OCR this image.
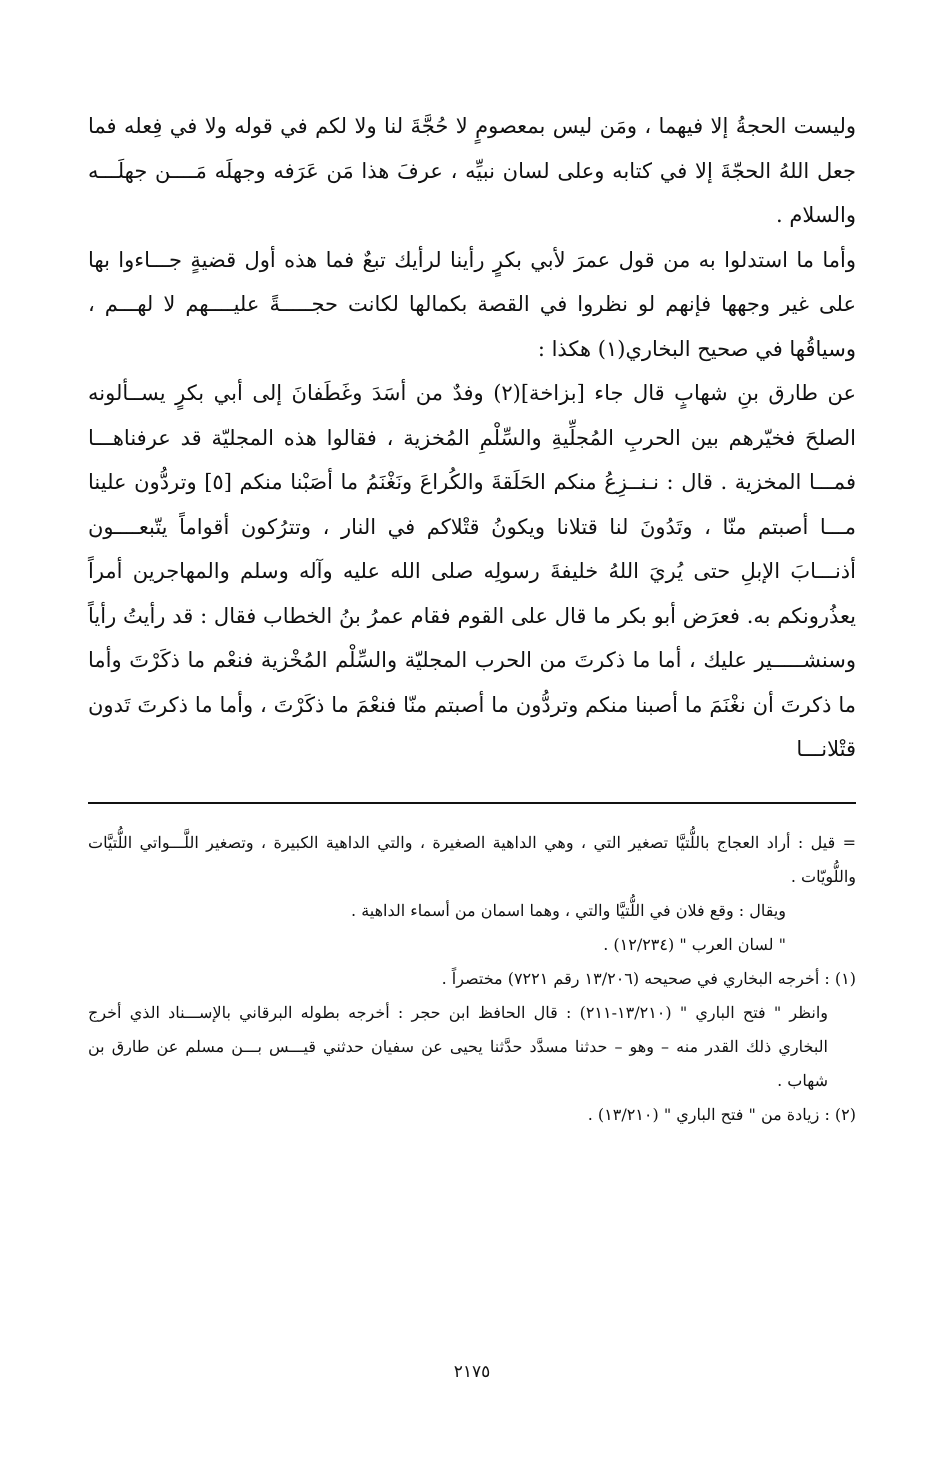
وليست الحجةُ إلا فيهما ، ومَن ليس بمعصومٍ لا حُجَّةَ لنا ولا لكم في قوله ولا في فِعله فما جعل اللهُ الحجّةَ إلا في كتابه وعلى لسان نبيِّه ، عرفَ هذا مَن عَرَفه وجهلَه مَــــن جهلَـــه والسلام .

وأما ما استدلوا به من قول عمرَ لأبي بكرٍ رأينا لرأيك تبعٌ فما هذه أول قضيةٍ جـــاءوا بها على غير وجهها فإنهم لو نظروا في القصة بكمالها لكانت حجـــــةً عليــــهم لا لهـــم ، وسياقُها في صحيح البخاري(١) هكذا :

عن طارق بنِ شهابٍ قال جاء [بزاخة](٢) وفدٌ من أسَدَ وغَطَفانَ إلى أبي بكرٍ يســألونه الصلحَ فخيّرهم بين الحربِ المُجلِّيةِ والسِّلْمِ المُخزية ، فقالوا هذه المجليّة قد عرفناهـــا فمـــا المخزية . قال : نـنــزِعُ منكم الحَلَقةَ والكُراعَ ونَغْنَمُ ما أصَبْنا منكم [٥] وتردُّون علينا مـــا أصبتم منّا ، وتَدُونَ لنا قتلانا ويكونُ قتْلاكم في النار ، وتترُكون أقواماً يتّبعــــون أذنـــابَ الإبلِ حتى يُريَ اللهُ خليفةَ رسولِه صلى الله عليه وآله وسلم والمهاجرين أمراً يعذُرونكم به. فعرَض أبو بكر ما قال على القوم فقام عمرُ بنُ الخطاب فقال : قد رأيتُ رأياً وسنشـــــير عليك ، أما ما ذكرتَ من الحرب المجليّة والسِّلْم المُخْزية فنعْم ما ذكَرْتَ وأما ما ذكرتَ أن نغْنَمَ ما أصبنا منكم وتردُّون ما أصبتم منّا فنعْمَ ما ذكَرْتَ ، وأما ما ذكرتَ تَدون قتْلانـــا

= قيل : أراد العجاج باللُّتيَّا تصغير التي ، وهي الداهية الصغيرة ، والتي الداهية الكبيرة ، وتصغير اللَّـــواتي اللُّتيَّات واللُّويّات .

ويقال : وقع فلان في اللُّتيَّا والتي ، وهما اسمان من أسماء الداهية .

" لسان العرب " (١٢/٢٣٤) .

(١) : أخرجه البخاري في صحيحه (١٣/٢٠٦ رقم ٧٢٢١) مختصراً .

وانظر " فتح الباري " (١٣/٢١٠-٢١١) : قال الحافظ ابن حجر : أخرجه بطوله البرقاني بالإســـناد الذي أخرج البخاري ذلك القدر منه – وهو – حدثنا مسدَّد حدَّثنا يحيى عن سفيان حدثني قيـــس بـــن مسلم عن طارق بن شهاب .

(٢) : زيادة من " فتح الباري " (١٣/٢١٠) .

٢١٧٥
